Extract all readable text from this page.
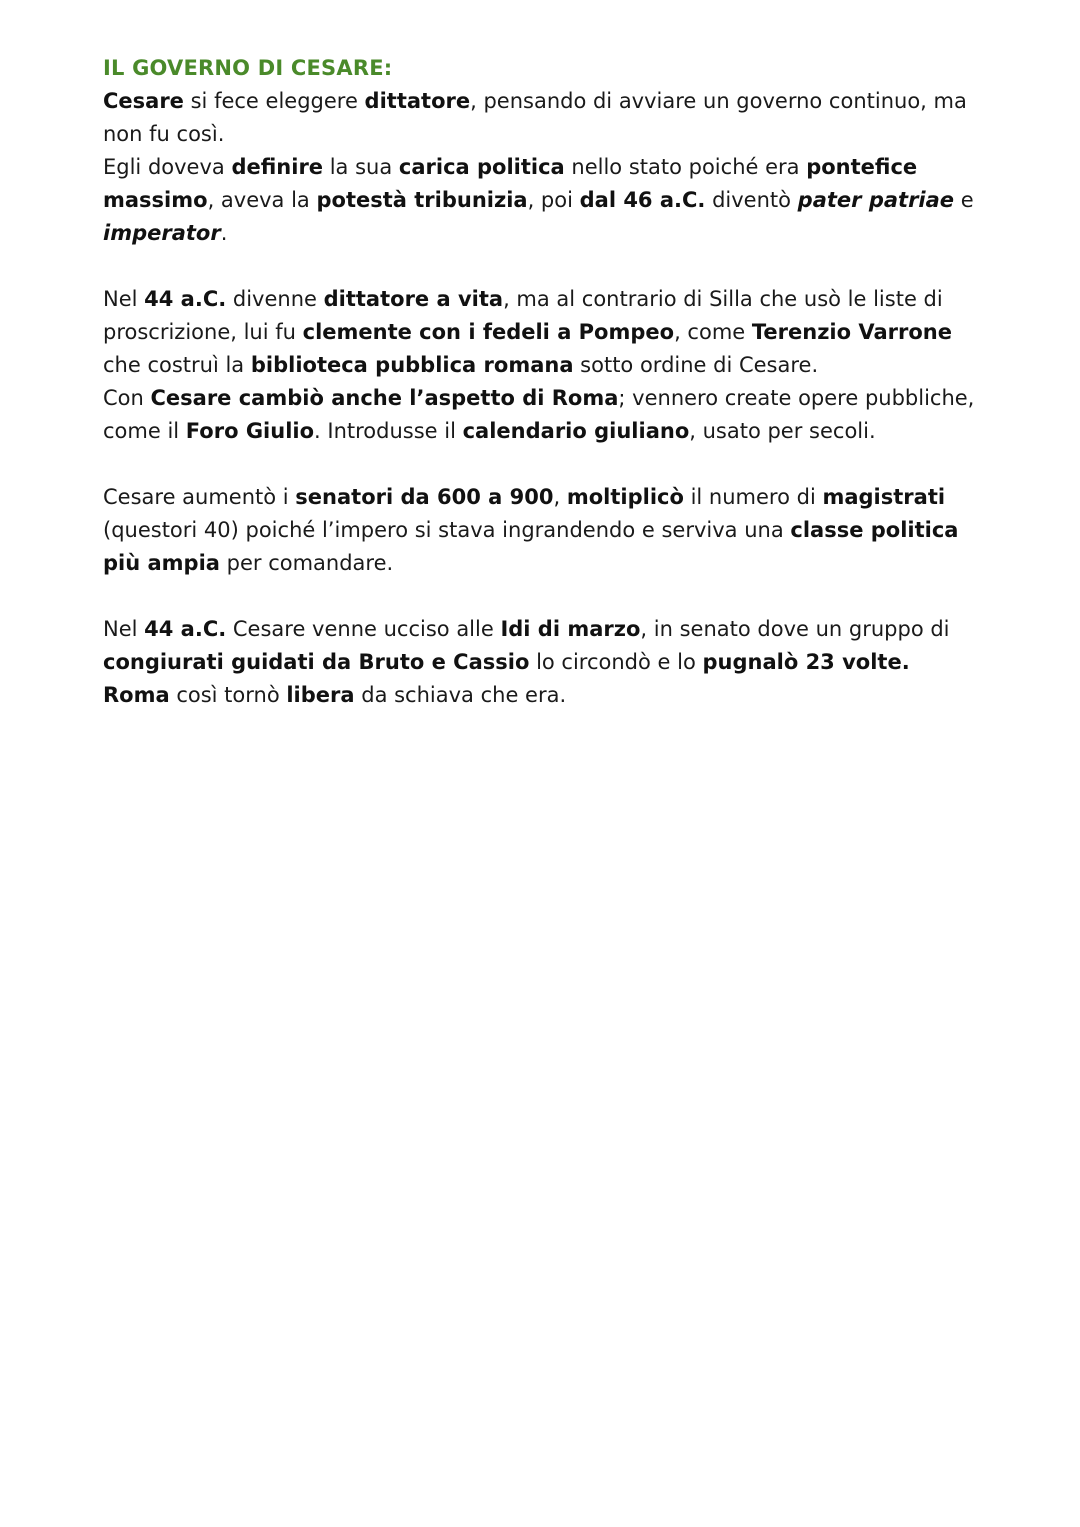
IL GOVERNO DI CESARE:

Cesare si fece eleggere dittatore, pensando di avviare un governo continuo, ma non fu così.

Egli doveva definire la sua carica politica nello stato poiché era pontefice massimo, aveva la potestà tribunizia, poi dal 46 a.C. diventò pater patriae e imperator.

Nel 44 a.C. divenne dittatore a vita, ma al contrario di Silla che usò le liste di proscrizione, lui fu clemente con i fedeli a Pompeo, come Terenzio Varrone che costruì la biblioteca pubblica romana sotto ordine di Cesare.

Con Cesare cambiò anche l’aspetto di Roma; vennero create opere pubbliche, come il Foro Giulio. Introdusse il calendario giuliano, usato per secoli.

Cesare aumentò i senatori da 600 a 900, moltiplicò il numero di magistrati (questori 40) poiché l’impero si stava ingrandendo e serviva una classe politica più ampia per comandare.

Nel 44 a.C. Cesare venne ucciso alle Idi di marzo, in senato dove un gruppo di congiurati guidati da Bruto e Cassio lo circondò e lo pugnalò 23 volte.

Roma così tornò libera da schiava che era.
